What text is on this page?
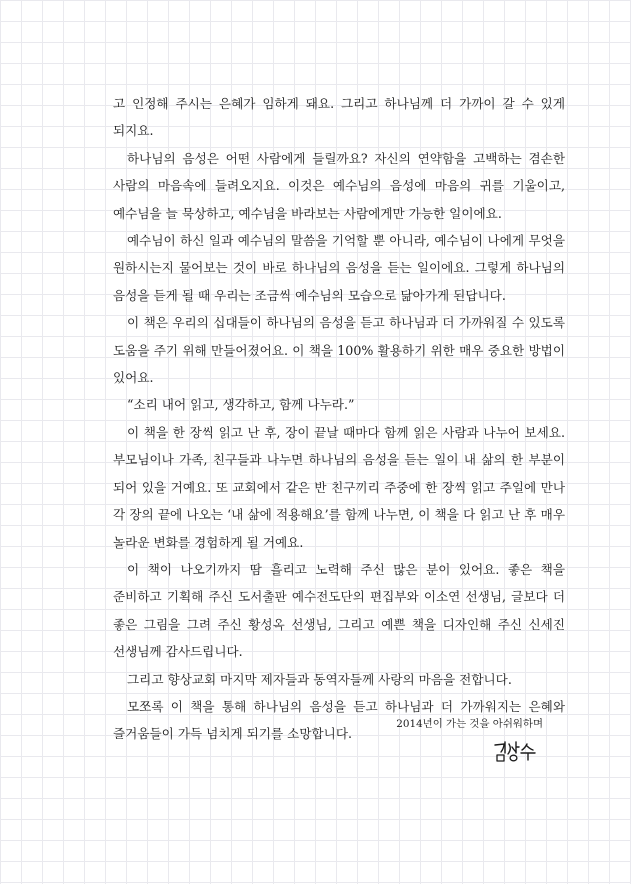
고 인정해 주시는 은혜가 임하게 돼요. 그리고 하나님께 더 가까이 갈 수 있게 되지요.

하나님의 음성은 어떤 사람에게 들릴까요? 자신의 연약함을 고백하는 겸손한 사람의 마음속에 들려오지요. 이것은 예수님의 음성에 마음의 귀를 기울이고, 예수님을 늘 묵상하고, 예수님을 바라보는 사람에게만 가능한 일이에요.

예수님이 하신 일과 예수님의 말씀을 기억할 뿐 아니라, 예수님이 나에게 무엇을 원하시는지 물어보는 것이 바로 하나님의 음성을 듣는 일이에요. 그렇게 하나님의 음성을 듣게 될 때 우리는 조금씩 예수님의 모습으로 닮아가게 된답니다.

이 책은 우리의 십대들이 하나님의 음성을 듣고 하나님과 더 가까워질 수 있도록 도움을 주기 위해 만들어졌어요. 이 책을 100% 활용하기 위한 매우 중요한 방법이 있어요.

“소리 내어 읽고, 생각하고, 함께 나누라.”

이 책을 한 장씩 읽고 난 후, 장이 끝날 때마다 함께 읽은 사람과 나누어 보세요. 부모님이나 가족, 친구들과 나누면 하나님의 음성을 듣는 일이 내 삶의 한 부분이 되어 있을 거예요. 또 교회에서 같은 반 친구끼리 주중에 한 장씩 읽고 주일에 만나 각 장의 끝에 나오는 ‘내 삶에 적용해요’를 함께 나누면, 이 책을 다 읽고 난 후 매우 놀라운 변화를 경험하게 될 거예요.

이 책이 나오기까지 땀 흘리고 노력해 주신 많은 분이 있어요. 좋은 책을 준비하고 기획해 주신 도서출판 예수전도단의 편집부와 이소연 선생님, 글보다 더 좋은 그림을 그려 주신 황성옥 선생님, 그리고 예쁜 책을 디자인해 주신 신세진 선생님께 감사드립니다.

그리고 향상교회 마지막 제자들과 동역자들께 사랑의 마음을 전합니다.

모쪼록 이 책을 통해 하나님의 음성을 듣고 하나님과 더 가까워지는 은혜와 즐거움들이 가득 넘치게 되기를 소망합니다.

2014년이 가는 것을 아쉬워하며
